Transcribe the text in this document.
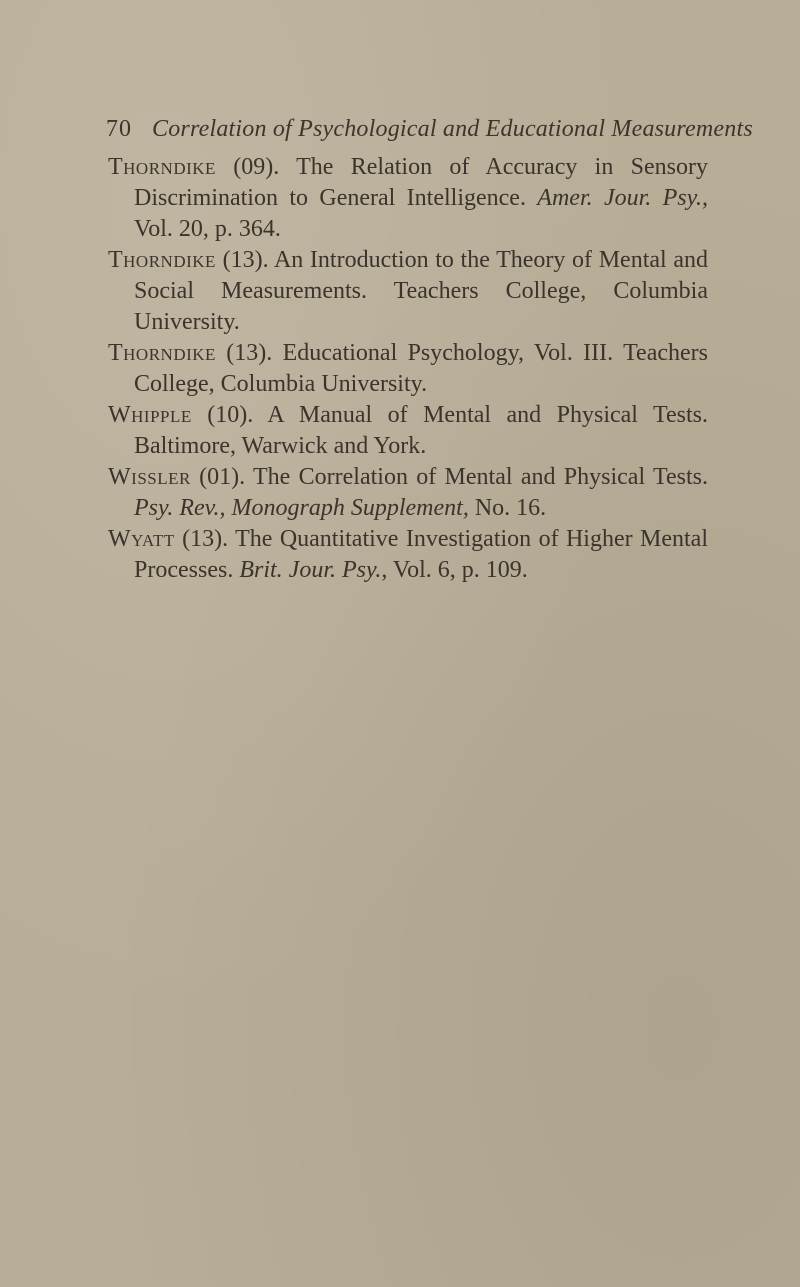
70 Correlation of Psychological and Educational Measurements
Thorndike (09). The Relation of Accuracy in Sensory Discrimination to General Intelligence. Amer. Jour. Psy., Vol. 20, p. 364.
Thorndike (13). An Introduction to the Theory of Mental and Social Measurements. Teachers College, Columbia University.
Thorndike (13). Educational Psychology, Vol. III. Teachers College, Columbia University.
Whipple (10). A Manual of Mental and Physical Tests. Baltimore, Warwick and York.
Wissler (01). The Correlation of Mental and Physical Tests. Psy. Rev., Monograph Supplement, No. 16.
Wyatt (13). The Quantitative Investigation of Higher Mental Processes. Brit. Jour. Psy., Vol. 6, p. 109.
